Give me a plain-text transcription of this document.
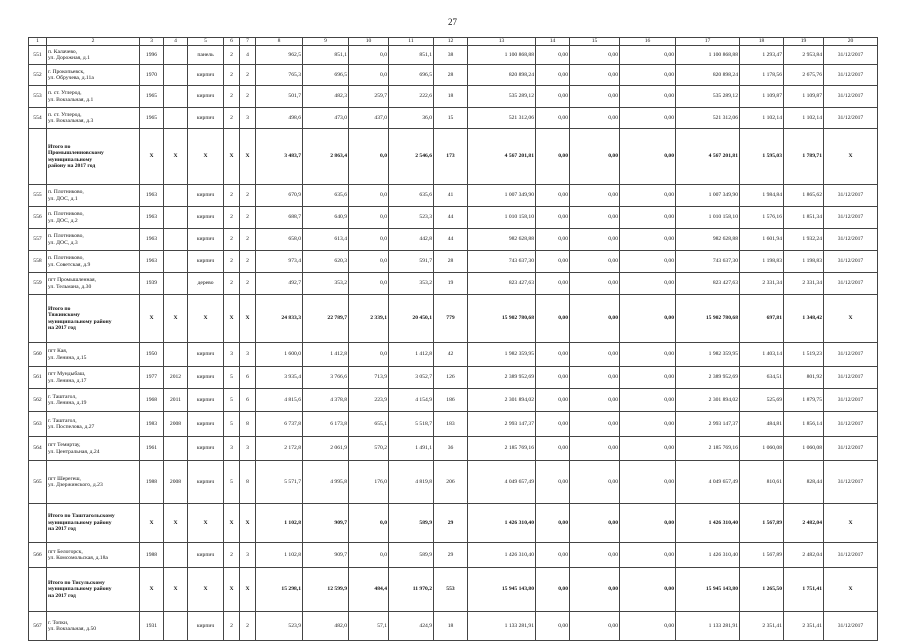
27
1	2	3	4	5	6	7	8	9	10	11	12	13	14	15	16	17	18	19	20
551	п. Калачево,
ул. Дорожная, д.1	1996		панель	2	4	962,5	851,1	0,0	851,1	38	1 100 868,88	0,00	0,00	0,00	1 100 868,88	1 293,47	2 953,84	31/12/2017
552	г. Прокопьевск,
ул. Обручева, д.11а	1970		кирпич	2	2	765,3	696,5	0,0	696,5	28	820 898,24	0,00	0,00	0,00	820 898,24	1 178,56	2 675,76	31/12/2017
553	п. ст. Углерод,
ул. Вокзальная, д.1	1965		кирпич	2	2	501,7	482,3	259,7	222,6	18	535 289,12	0,00	0,00	0,00	535 289,12	1 109,87	1 109,87	31/12/2017
554	п. ст. Углерод,
ул. Вокзальная, д.3	1965		кирпич	2	3	498,6	473,0	437,0	36,0	15	521 312,06	0,00	0,00	0,00	521 312,06	1 102,14	1 102,14	31/12/2017
	Итого по
Промышленновскому
муниципальному
району на 2017 год	Х	Х	Х	Х	Х	3 483,7	2 863,4	0,0	2 546,6	173	4 567 201,81	0,00	0,00	0,00	4 567 201,81	1 595,03	1 789,71	Х
555	п. Плотниково,
ул. ДОС, д.1	1963		кирпич	2	2	670,9	635,6	0,0	635,6	41	1 007 349,90	0,00	0,00	0,00	1 007 349,90	1 984,84	1 865,62	31/12/2017
556	п. Плотниково,
ул. ДОС, д.2	1963		кирпич	2	2	688,7	640,9	0,0	523,3	44	1 010 158,10	0,00	0,00	0,00	1 010 158,10	1 576,16	1 851,34	31/12/2017
557	п. Плотниково,
ул. ДОС, д.3	1963		кирпич	2	2	658,0	613,4	0,0	442,8	44	982 628,88	0,00	0,00	0,00	982 628,88	1 601,94	1 932,24	31/12/2017
558	п. Плотниково,
ул. Советская, д.9	1963		кирпич	2	2	973,4	620,3	0,0	591,7	28	743 637,30	0,00	0,00	0,00	743 637,30	1 198,83	1 198,83	31/12/2017
559	пгт Промышленная,
ул. Тельмана, д.30	1939		дерево	2	2	492,7	353,2	0,0	353,2	19	823 427,63	0,00	0,00	0,00	823 427,63	2 331,34	2 331,34	31/12/2017
	Итого по
Тяжинскому
муниципальному району
на 2017 год	Х	Х	Х	Х	Х	24 833,3	22 789,7	2 339,1	20 450,1	779	15 902 780,68	0,00	0,00	0,00	15 902 780,68	697,81	1 348,42	Х
560	пгт Кая,
ул. Ленина, д.15	1950		кирпич	3	3	1 600,0	1 412,8	0,0	1 412,8	42	1 982 359,95	0,00	0,00	0,00	1 982 359,95	1 403,14	1 519,23	31/12/2017
561	пгт Мундыбаш,
ул. Ленина, д.17	1977	2012	кирпич	5	6	3 935,4	3 766,6	713,9	3 052,7	126	2 389 952,69	0,00	0,00	0,00	2 389 952,69	634,51	801,92	31/12/2017
562	г. Таштагол,
ул. Ленина, д.19	1968	2011	кирпич	5	6	4 815,6	4 378,8	223,9	4 154,9	186	2 301 894,02	0,00	0,00	0,00	2 301 894,02	525,69	1 879,75	31/12/2017
563	г. Таштагол,
ул. Поспелова, д.27	1983	2008	кирпич	5	8	6 737,8	6 173,8	655,1	5 518,7	183	2 993 147,37	0,00	0,00	0,00	2 993 147,37	484,81	1 856,14	31/12/2017
564	пгт Темиртау,
ул. Центральная, д.24	1961		кирпич	3	3	2 172,8	2 061,9	570,2	1 491,1	36	2 185 769,16	0,00	0,00	0,00	2 185 769,16	1 060,08	1 060,08	31/12/2017
565	пгт Шерегеш,
ул. Дзержинского, д.23	1988	2008	кирпич	5	8	5 571,7	4 995,8	176,0	4 819,8	206	4 049 657,49	0,00	0,00	0,00	4 049 657,49	810,61	828,44	31/12/2017
	Итого по Таштагольскому
муниципальному району
на 2017 год	Х	Х	Х	Х	Х	1 102,8	909,7	0,0	589,9	29	1 426 310,40	0,00	0,00	0,00	1 426 310,40	1 567,89	2 482,04	Х
566	пгт Белогорск,
ул. Комсомольская, д.18а	1988		кирпич	2	3	1 102,8	909,7	0,0	589,9	29	1 426 310,40	0,00	0,00	0,00	1 426 310,40	1 567,89	2 482,04	31/12/2017
	Итого по Тисульскому
муниципальному району
на 2017 год	Х	Х	Х	Х	Х	15 298,1	12 599,9	484,4	11 970,2	553	15 945 143,80	0,00	0,00	0,00	15 945 143,80	1 265,50	1 751,41	Х
567	г. Топки,
ул. Вокзальная, д.50	1931		кирпич	2	2	523,9	482,0	57,1	424,9	18	1 133 281,91	0,00	0,00	0,00	1 133 281,91	2 351,41	2 351,41	31/12/2017
